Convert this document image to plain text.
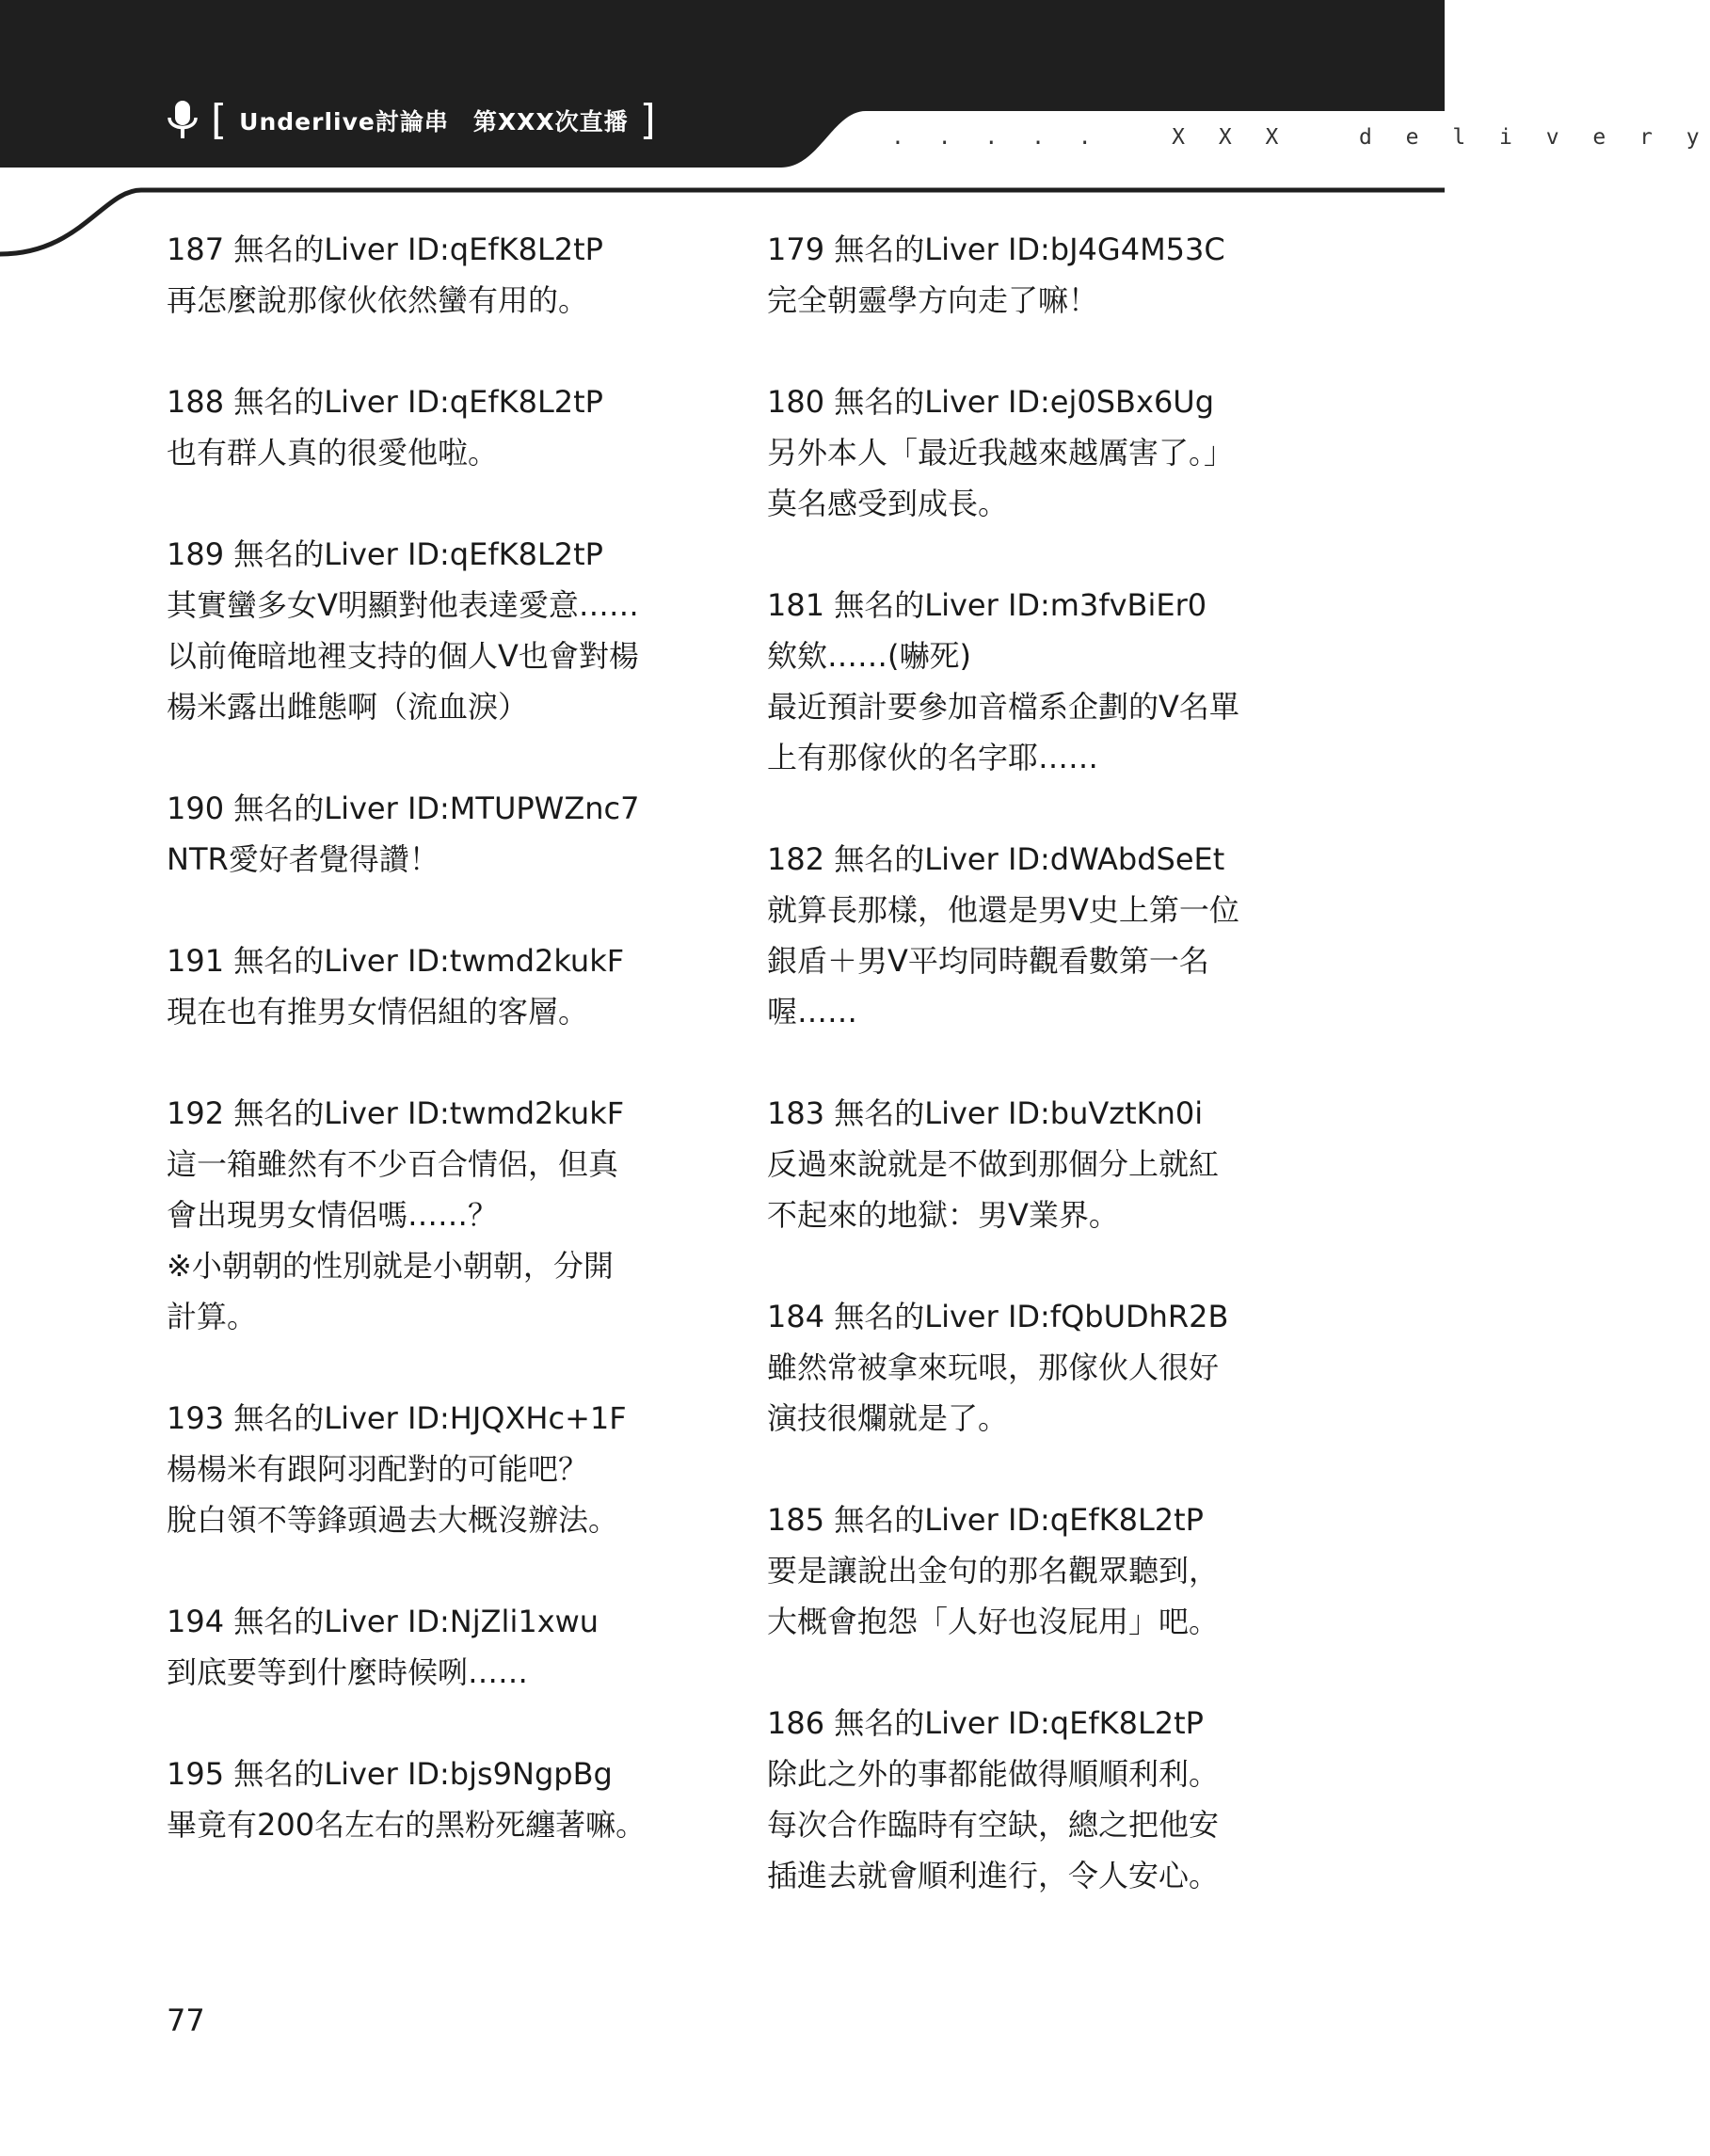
[ Underlive討論串　第XXX次直播 ]	. . . . .   X X X   d e l i v e r y
187 無名的Liver ID:qEfK8L2tP
再怎麼說那傢伙依然蠻有用的。
188 無名的Liver ID:qEfK8L2tP
也有群人真的很愛他啦。
189 無名的Liver ID:qEfK8L2tP
其實蠻多女V明顯對他表達愛意……
以前俺暗地裡支持的個人V也會對楊
楊米露出雌態啊（流血淚）
190 無名的Liver ID:MTUPWZnc7
NTR愛好者覺得讚！
191 無名的Liver ID:twmd2kukF
現在也有推男女情侶組的客層。
192 無名的Liver ID:twmd2kukF
這一箱雖然有不少百合情侶，但真
會出現男女情侶嗎……？
※小朝朝的性別就是小朝朝，分開
計算。
193 無名的Liver ID:HJQXHc+1F
楊楊米有跟阿羽配對的可能吧？
脫白領不等鋒頭過去大概沒辦法。
194 無名的Liver ID:NjZli1xwu
到底要等到什麼時候咧……
195 無名的Liver ID:bjs9NgpBg
畢竟有200名左右的黑粉死纏著嘛。
179 無名的Liver ID:bJ4G4M53C
完全朝靈學方向走了嘛！
180 無名的Liver ID:ej0SBx6Ug
另外本人「最近我越來越厲害了。」
莫名感受到成長。
181 無名的Liver ID:m3fvBiEr0
欸欸……(嚇死)
最近預計要參加音檔系企劃的V名單
上有那傢伙的名字耶……
182 無名的Liver ID:dWAbdSeEt
就算長那樣，他還是男V史上第一位
銀盾＋男V平均同時觀看數第一名
喔……
183 無名的Liver ID:buVztKn0i
反過來說就是不做到那個分上就紅
不起來的地獄：男V業界。
184 無名的Liver ID:fQbUDhR2B
雖然常被拿來玩哏，那傢伙人很好
演技很爛就是了。
185 無名的Liver ID:qEfK8L2tP
要是讓說出金句的那名觀眾聽到，
大概會抱怨「人好也沒屁用」吧。
186 無名的Liver ID:qEfK8L2tP
除此之外的事都能做得順順利利。
每次合作臨時有空缺，總之把他安
插進去就會順利進行，令人安心。
77
